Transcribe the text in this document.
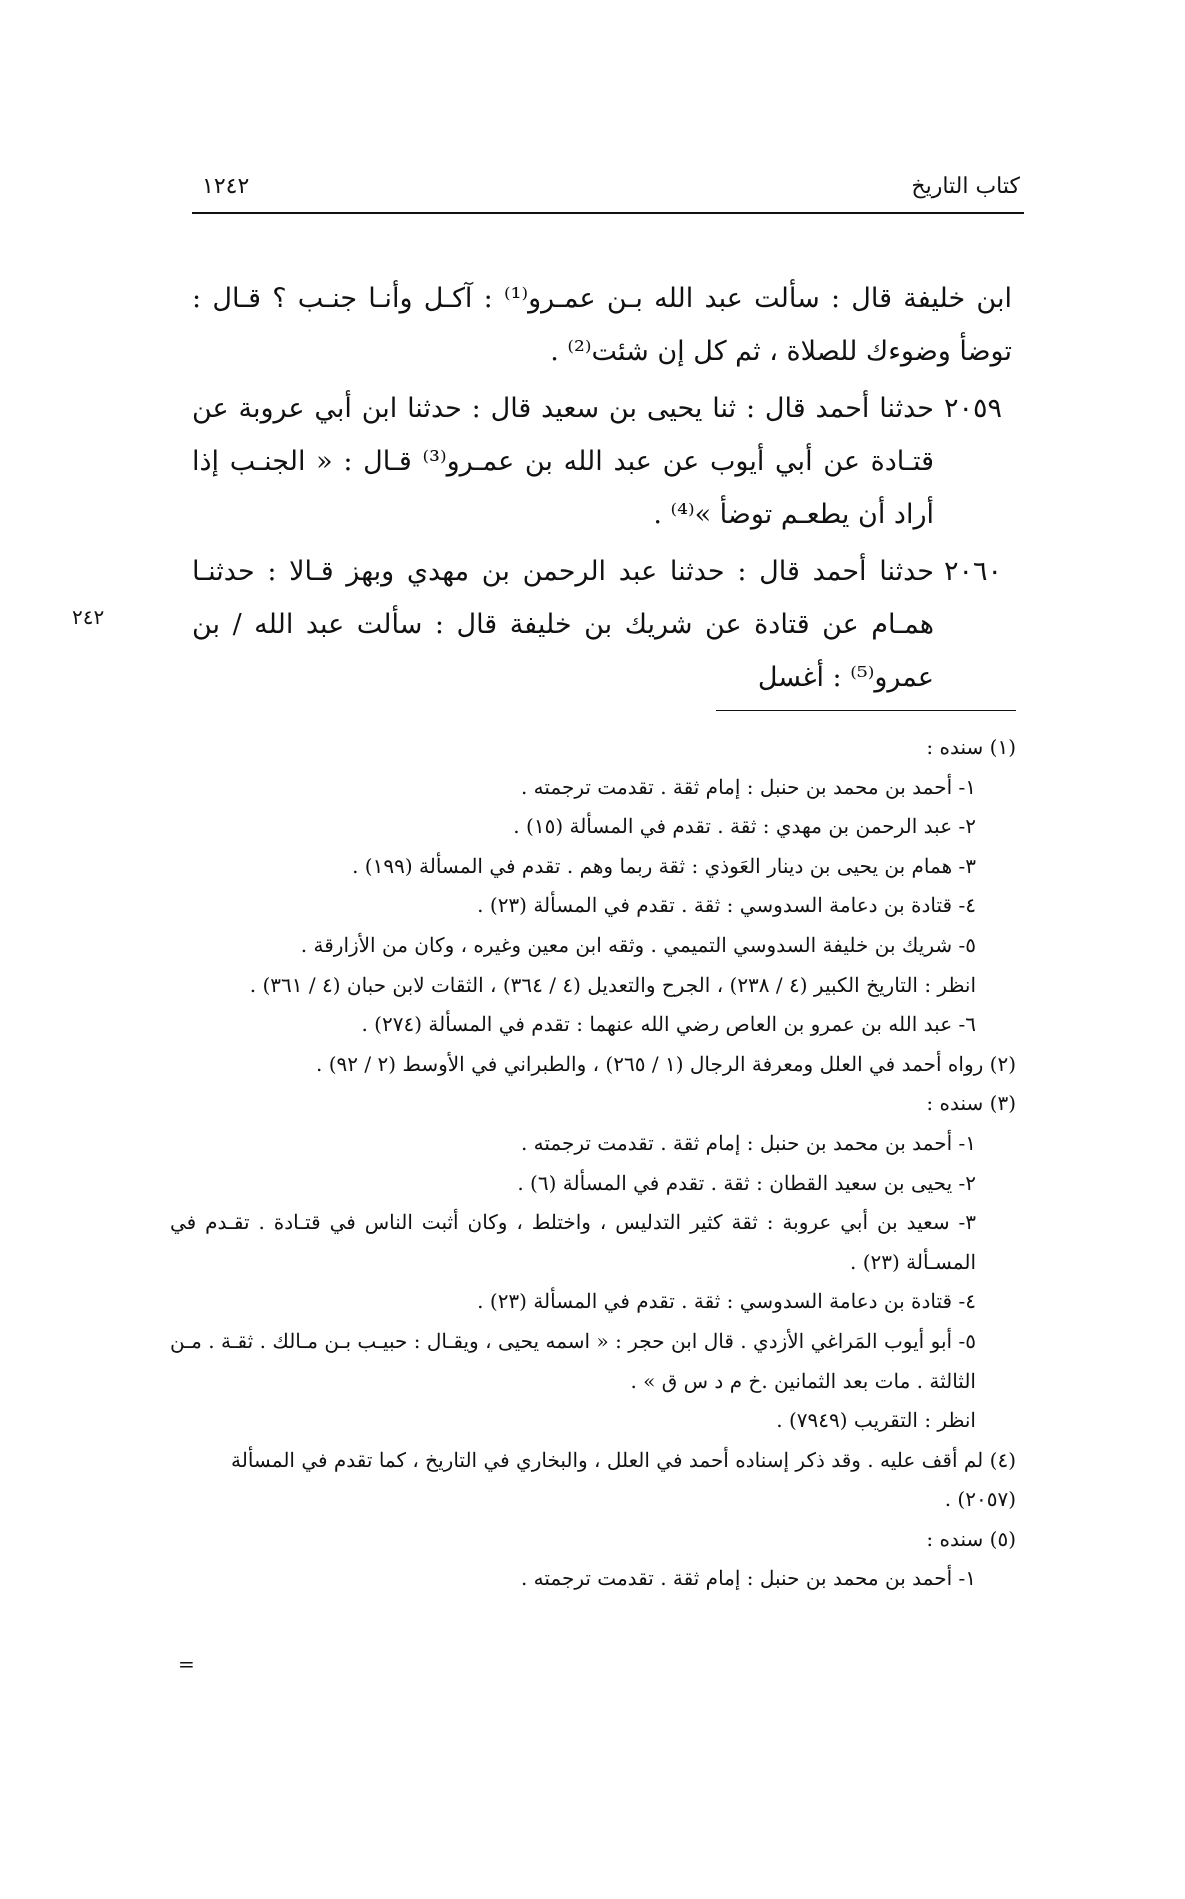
كتاب التاريخ
١٢٤٢
٢٤٢
ابن خليفة قال : سألت عبد الله بـن عمـرو⁽¹⁾ : آكـل وأنـا جنـب ؟ قـال : توضأ وضوءك للصلاة ، ثم كل إن شئت⁽²⁾ .
٢٠٥٩
حدثنا أحمد قال : ثنا يحيى بن سعيد قال : حدثنا ابن أبي عروبة عن قتـادة عن أبي أيوب عن عبد الله بن عمـرو⁽³⁾ قـال : « الجنـب إذا أراد أن يطعـم توضأ »⁽⁴⁾ .
٢٠٦٠
حدثنا أحمد قال : حدثنا عبد الرحمن بن مهدي وبهز قـالا : حدثنـا همـام عن قتادة عن شريك بن خليفة قال : سألت عبد الله / بن عمرو⁽⁵⁾ : أغسل
(١) سنده :
١- أحمد بن محمد بن حنبل : إمام ثقة . تقدمت ترجمته .
٢- عبد الرحمن بن مهدي : ثقة . تقدم في المسألة (١٥) .
٣- همام بن يحيى بن دينار العَوذي : ثقة ربما وهم . تقدم في المسألة (١٩٩) .
٤- قتادة بن دعامة السدوسي : ثقة . تقدم في المسألة (٢٣) .
٥- شريك بن خليفة السدوسي التميمي . وثقه ابن معين وغيره ، وكان من الأزارقة .
انظر : التاريخ الكبير (٤ / ٢٣٨) ، الجرح والتعديل (٤ / ٣٦٤) ، الثقات لابن حبان (٤ / ٣٦١) .
٦- عبد الله بن عمرو بن العاص رضي الله عنهما : تقدم في المسألة (٢٧٤) .
(٢) رواه أحمد في العلل ومعرفة الرجال (١ / ٢٦٥) ، والطبراني في الأوسط (٢ / ٩٢) .
(٣) سنده :
١- أحمد بن محمد بن حنبل : إمام ثقة . تقدمت ترجمته .
٢- يحيى بن سعيد القطان : ثقة . تقدم في المسألة (٦) .
٣- سعيد بن أبي عروبة : ثقة كثير التدليس ، واختلط ، وكان أثبت الناس في قتـادة . تقـدم في المسـألة (٢٣) .
٤- قتادة بن دعامة السدوسي : ثقة . تقدم في المسألة (٢٣) .
٥- أبو أيوب المَراغي الأزدي . قال ابن حجر : « اسمه يحيى ، ويقـال : حبيـب بـن مـالك . ثقـة . مـن الثالثة . مات بعد الثمانين .خ م د س ق » .
انظر : التقريب (٧٩٤٩) .
(٤) لم أقف عليه . وقد ذكر إسناده أحمد في العلل ، والبخاري في التاريخ ، كما تقدم في المسألة (٢٠٥٧) .
(٥) سنده :
١- أحمد بن محمد بن حنبل : إمام ثقة . تقدمت ترجمته .
=
